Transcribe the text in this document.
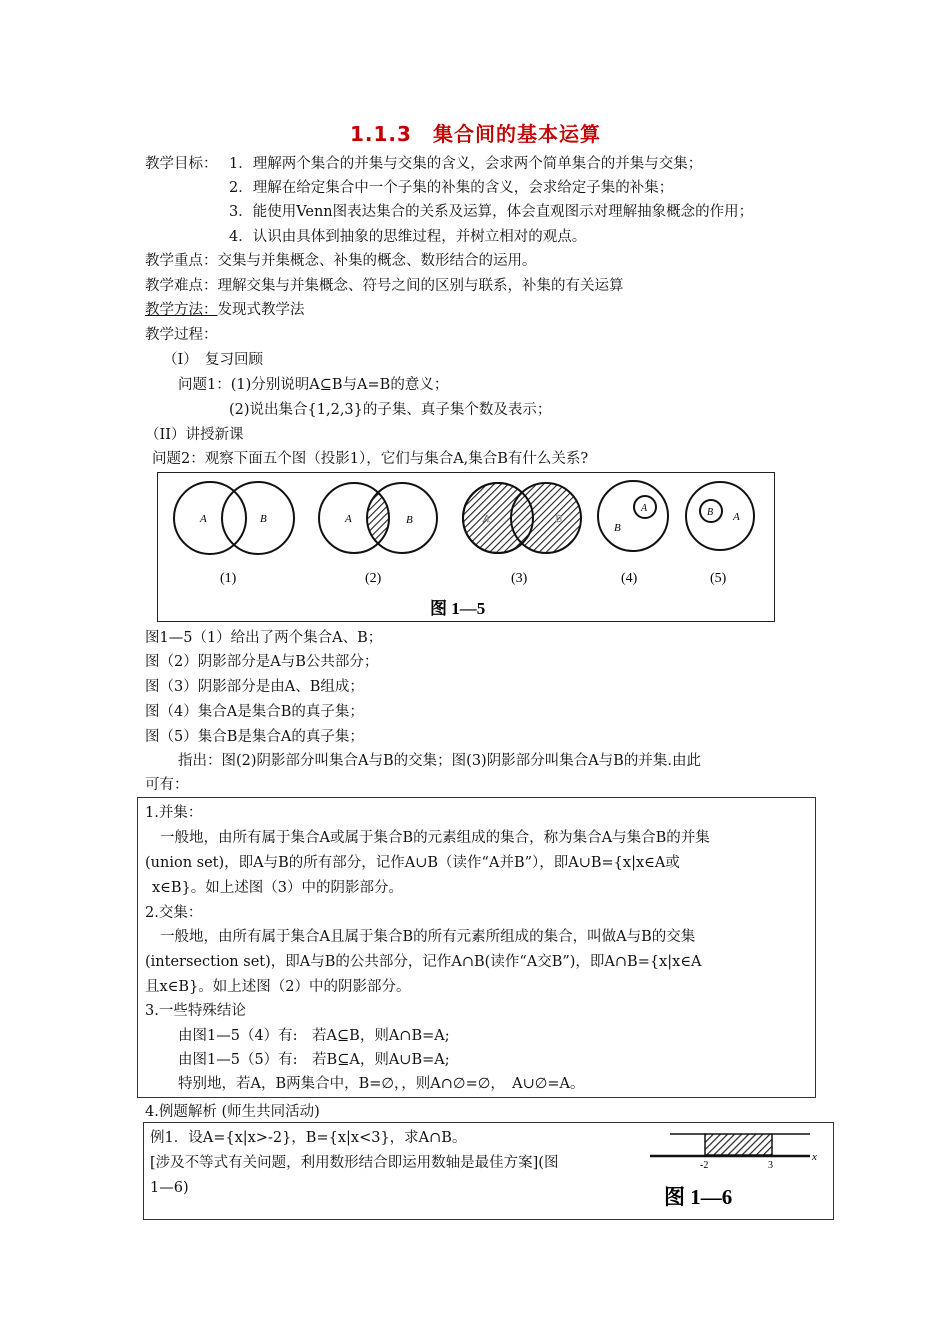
1.1.3　集合间的基本运算
教学目标： 1．理解两个集合的并集与交集的含义，会求两个简单集合的并集与交集；
2．理解在给定集合中一个子集的补集的含义，会求给定子集的补集；
3．能使用Venn图表达集合的关系及运算，体会直观图示对理解抽象概念的作用；
4．认识由具体到抽象的思维过程，并树立相对的观点。
教学重点：交集与并集概念、补集的概念、数形结合的运用。
教学难点：理解交集与并集概念、符号之间的区别与联系，补集的有关运算
教学方法：发现式教学法
教学过程：
（I）　复习回顾
问题1：(1)分别说明A⊆B与A=B的意义；
(2)说出集合{1,2,3}的子集、真子集个数及表示；
（II）讲授新课
问题2：观察下面五个图（投影1），它们与集合A,集合B有什么关系?
A	B	A	B	A	B
A
B
B A
(1)	(2)	(3)	(4)	(5)
图 1—5
图1—5（1）给出了两个集合A、B；
图（2）阴影部分是A与B公共部分；
图（3）阴影部分是由A、B组成；
图（4）集合A是集合B的真子集；
图（5）集合B是集合A的真子集；
指出：图(2)阴影部分叫集合A与B的交集；图(3)阴影部分叫集合A与B的并集.由此
可有：
1.并集：
一般地，由所有属于集合A或属于集合B的元素组成的集合，称为集合A与集合B的并集
(union set)，即A与B的所有部分，记作A∪B（读作“A并B”），即A∪B={x|x∈A或
x∈B}。如上述图（3）中的阴影部分。
2.交集：
一般地，由所有属于集合A且属于集合B的所有元素所组成的集合，叫做A与B的交集
(intersection set)，即A与B的公共部分，记作A∩B(读作“A交B”)，即A∩B={x|x∈A
且x∈B}。如上述图（2）中的阴影部分。
3.一些特殊结论
由图1—5（4）有:　若A⊆B，则A∩B=A;
由图1—5（5）有:　若B⊆A，则A∪B=A;
特别地，若A，B两集合中，B=∅，，则A∩∅=∅，　A∪∅=A。
4.例题解析 (师生共同活动)
例1．设A={x|x>-2}，B={x|x<3}，求A∩B。
[涉及不等式有关问题，利用数形结合即运用数轴是最佳方案](图
1—6)
-2	3
x
图 1—6
